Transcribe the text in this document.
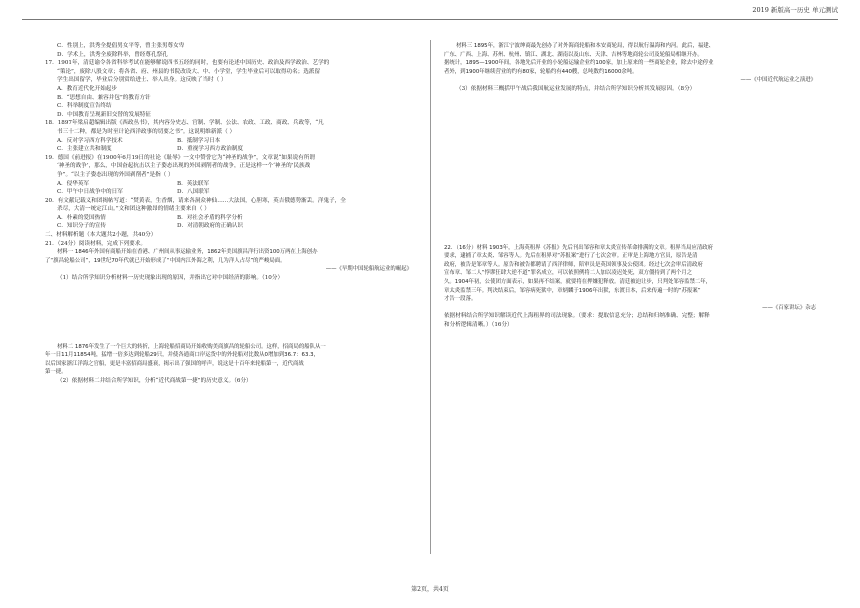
2019 新版高一历史 单元测试
C．性别上，洪秀全提倡男女平等，曾主张男尊女卑
D．学术上，洪秀全废除科举，曾经尊孔祭孔
17．1901年，清廷谕令各省科举考试在能够解说四书五经的同时，也要有论述中国历史、政治及西学政治、艺学的
“策论”，废除八股文章；将各省、府、州县的书院改设大、中、小学堂，学生毕业后可以取得功名；选派留
学生出国留学，毕业后分别赏给进士、举人出身。这反映了当时（ ）
A．教育近代化开始起步
B．“思想自由、兼容并包”的教育方针
C．科举制度宣告终结
D．中国教育呈现新旧交替的发展特征
18．1897年梁启超编辑出版《西政丛书》，其内容分史志、官制、学制、公法、农政、工政、商政、兵政等，“凡
书三十二种，都是为时至计论西洋政事的切要之书”。这说明维新派（ ）
A．反对学习西方科学技术	B．抵制学习日本
C．主张建立共和制度	D．重视学习西方政治制度
19．德国《前进报》在1900年6月19日的社论《耻辱》一文中赞誉它为“神圣的战争”，文章说“如果说有所谓
‘神圣的战争’，那么，中国奋起抗击以主子姿态出现的外国剥削者的战争，正是这样一个‘神圣的’民族战
争”。“以主子姿态出现的外国剥削者”是指（ ）
A．侵华英军	B．英法联军
C．甲午中日战争中的日军	D．八国联军
20．有文献记载义和团揭帖写道：“焚黄表，生香烟，请来各洞众神仙……大法国，心胆寒，英吉俄德势渐丢。洋鬼子，全
杀尽，大清一统定江山。”文和团这种激昂的情绪主要来自（ ）
A．朴素的爱国热情	B．对社会矛盾的科学分析
C．知识分子的宣传	D．对清朝政府的正确认识
二、材料解析题（本大题共2小题，共40分）
21．（24分）阅读材料，完成下列要求。
材料一 1846年外国有商船开始在香港、广州间从事运输业务，1862年美国旗昌洋行出资100万两在上海创办
了“旗昌轮船公司”，19世纪70年代就已开始形成了“中国内江外海之利，几为洋人占尽”的严峻局面。
——《早期中国轮船航运业的崛起》
（1）结合所学知识分析材料一历史现象出现的原因，并指出它对中国经济的影响。（10分）
材料二 1876年发生了一个巨大的转折，上海轮船招商局开始收购美商旗昌的轮船公司。这样，招商局的船队从一
年一日11月11854吨，猛增一倍多达到轮船29只，并使各通商口岸运货中的外轮船对比数从0增加到36.7：63.3，
以后国家浙江洋海之官船，更是丰富招商局盛衰，揭示出了强国的呼声，说这是十百年来轮船第一，近代商战
第一捷。
（2）依据材料二并结合所学知识，分析“近代商战第一捷”的历史意义。（6分）
材料三 1895年，浙江宁波绅商最先创办了对外海商轮船和本安商轮局，得以航行温海和内河。此后，福建、
广东、广西、上海、苏州、杭州、镇江、湖北、湖南以及山东、天津、吉林等地商轮公司及轮船局相继开办。
据统计，1895—1900年间，各地先后开业的小轮船运输企业约100家，加上原来的一些商轮企业，除去中途停业
者外，到1900年继续营业的约有80家，轮船约有440艘，总吨数约16000余吨。
——《中国近代航运业之演进》
（3）依据材料三概括甲午战后我国航运业发展的特点，并结合所学知识分析其发展原因。（8分）
22．（16分）材料 1903年，上海英租界《苏报》先后刊出邹容和章太炎宣传革命排满的文章。租界当局应清政府
要求，逮捕了章太炎、邹容等人。先后在租界对“苏报案”进行了七次会审。正审是上海地方官员，原告是清
政府，被告是邹章等人。原告和被告都聘请了西洋律师，陪审员是英国领事及公使团。经过七次会审后清政府
宣布章、邹二人“悖谬狂肆大逆不道”罪名成立，可以依照例将二人加以凌迟处死，双方僵持到了两个月之
久。1904年初，公使团方面表示，如果再不结案，就要将在押嫌犯释放。清廷被迫让步，只判处邹容监禁二年，
章太炎监禁三年。判决结束后，邹容病死狱中，章炳麟于1906年出狱，东渡日本，后来传遍一时的“苏报案”
才告一段落。
——《百家讲坛》杂志
依据材料结合所学知识解读近代上海租界的司法现象。（要求：提取信息充分；总结和归纳准确、完整；解释
和分析逻辑清晰。）（16分）
第2页，共4页
